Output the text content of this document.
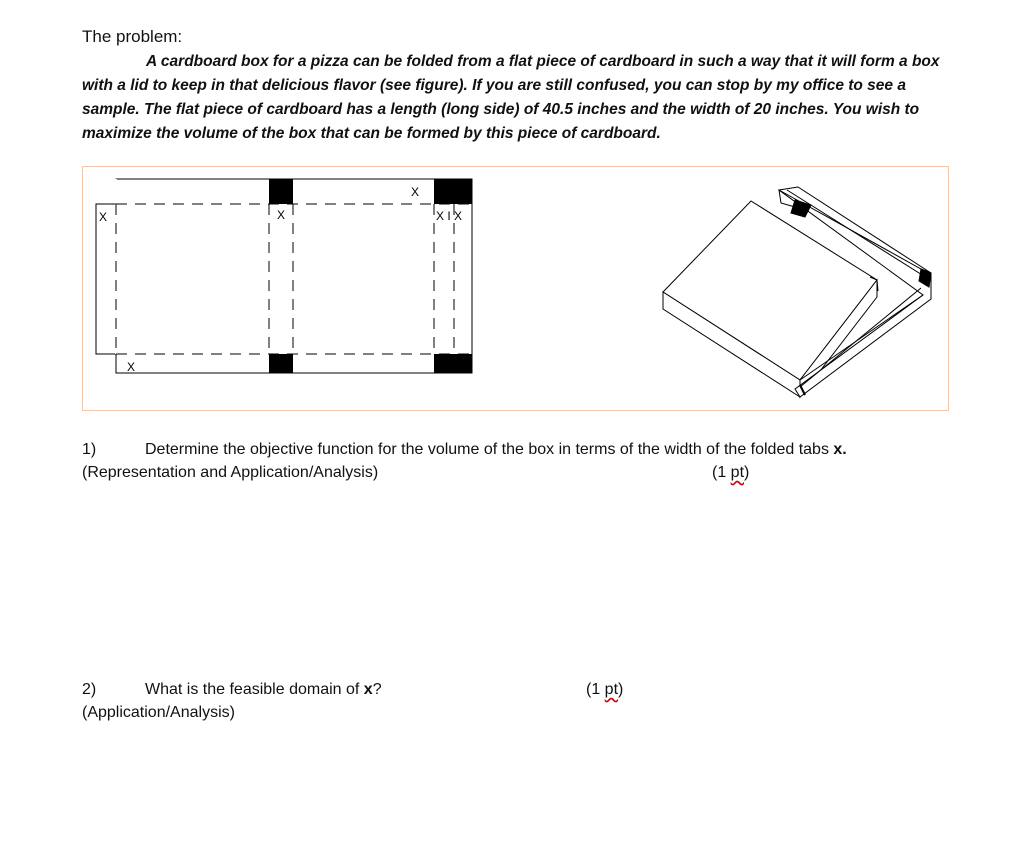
The problem:
A cardboard box for a pizza can be folded from a flat piece of cardboard in such a way that it will form a box with a lid to keep in that delicious flavor (see figure). If you are still confused, you can stop by my office to see a sample. The flat piece of cardboard has a length (long side) of 40.5 inches and the width of 20 inches. You wish to maximize the volume of the box that can be formed by this piece of cardboard.
X	X
X
X I X
X
1)	Determine the objective function for the volume of the box in terms of the width of the folded tabs x.
(Representation and Application/Analysis)	(1 pt)
2)	What is the feasible domain of x?	(1 pt)
(Application/Analysis)
